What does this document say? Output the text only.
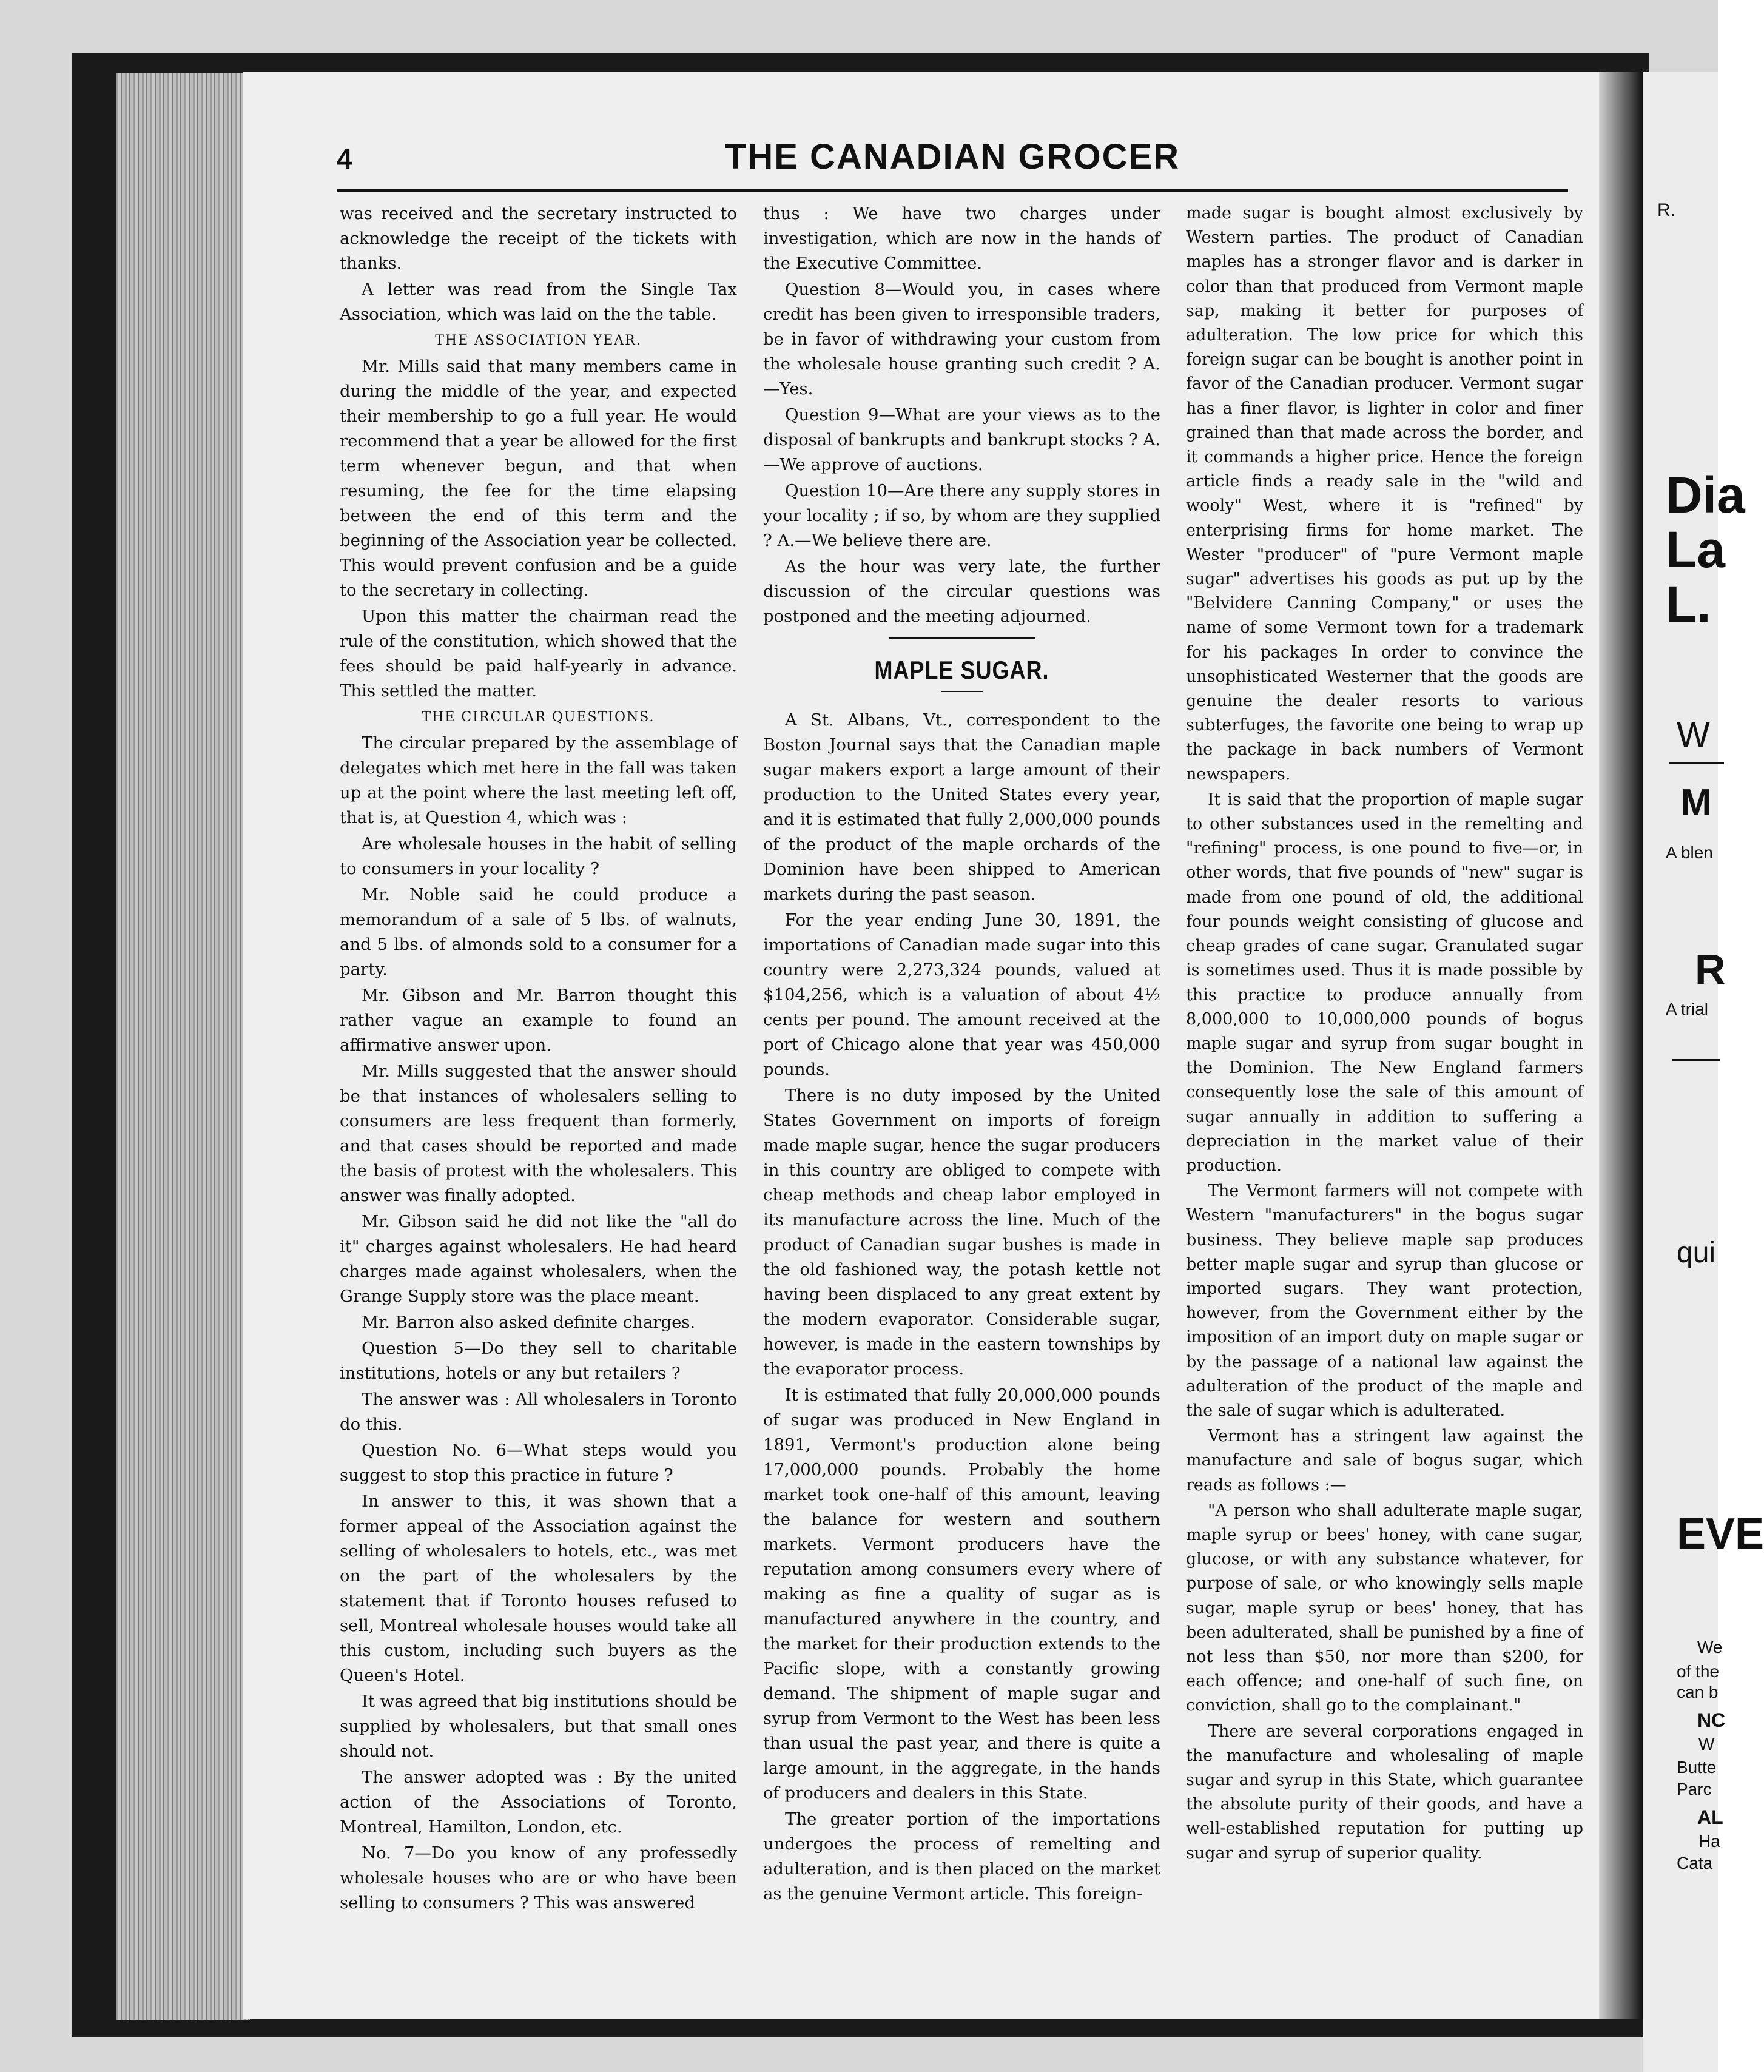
R.
Dia
La
L.
W
M
A blen
R
A trial
qui
EVE
We
of the
can b
NC
W
Butte
Parc
AL
Ha
Cata
4	THE CANADIAN GROCER

was received and the secretary instructed to acknowledge the receipt of the tickets with thanks.

A letter was read from the Single Tax Association, which was laid on the the table.

THE ASSOCIATION YEAR.

Mr. Mills said that many members came in during the middle of the year, and expected their membership to go a full year. He would recommend that a year be allowed for the first term whenever begun, and that when resuming, the fee for the time elapsing between the end of this term and the beginning of the Association year be collected. This would prevent confusion and be a guide to the secretary in collecting.

Upon this matter the chairman read the rule of the constitution, which showed that the fees should be paid half-yearly in advance. This settled the matter.

THE CIRCULAR QUESTIONS.

The circular prepared by the assemblage of delegates which met here in the fall was taken up at the point where the last meeting left off, that is, at Question 4, which was :

Are wholesale houses in the habit of selling to consumers in your locality ?

Mr. Noble said he could produce a memorandum of a sale of 5 lbs. of walnuts, and 5 lbs. of almonds sold to a consumer for a party.

Mr. Gibson and Mr. Barron thought this rather vague an example to found an affirmative answer upon.

Mr. Mills suggested that the answer should be that instances of wholesalers selling to consumers are less frequent than formerly, and that cases should be reported and made the basis of protest with the wholesalers. This answer was finally adopted.

Mr. Gibson said he did not like the "all do it" charges against wholesalers. He had heard charges made against wholesalers, when the Grange Supply store was the place meant.

Mr. Barron also asked definite charges.

Question 5—Do they sell to charitable institutions, hotels or any but retailers ?

The answer was : All wholesalers in Toronto do this.

Question No. 6—What steps would you suggest to stop this practice in future ?

In answer to this, it was shown that a former appeal of the Association against the selling of wholesalers to hotels, etc., was met on the part of the wholesalers by the statement that if Toronto houses refused to sell, Montreal wholesale houses would take all this custom, including such buyers as the Queen's Hotel.

It was agreed that big institutions should be supplied by wholesalers, but that small ones should not.

The answer adopted was : By the united action of the Associations of Toronto, Montreal, Hamilton, London, etc.

No. 7—Do you know of any professedly wholesale houses who are or who have been selling to consumers ? This was answered

thus : We have two charges under investigation, which are now in the hands of the Executive Committee.

Question 8—Would you, in cases where credit has been given to irresponsible traders, be in favor of withdrawing your custom from the wholesale house granting such credit ? A.—Yes.

Question 9—What are your views as to the disposal of bankrupts and bankrupt stocks ? A.—We approve of auctions.

Question 10—Are there any supply stores in your locality ; if so, by whom are they supplied ? A.—We believe there are.

As the hour was very late, the further discussion of the circular questions was postponed and the meeting adjourned.

MAPLE SUGAR.

A St. Albans, Vt., correspondent to the Boston Journal says that the Canadian maple sugar makers export a large amount of their production to the United States every year, and it is estimated that fully 2,000,000 pounds of the product of the maple orchards of the Dominion have been shipped to American markets during the past season.

For the year ending June 30, 1891, the importations of Canadian made sugar into this country were 2,273,324 pounds, valued at $104,256, which is a valuation of about 4½ cents per pound. The amount received at the port of Chicago alone that year was 450,000 pounds.

There is no duty imposed by the United States Government on imports of foreign made maple sugar, hence the sugar producers in this country are obliged to compete with cheap methods and cheap labor employed in its manufacture across the line. Much of the product of Canadian sugar bushes is made in the old fashioned way, the potash kettle not having been displaced to any great extent by the modern evaporator. Considerable sugar, however, is made in the eastern townships by the evaporator process.

It is estimated that fully 20,000,000 pounds of sugar was produced in New England in 1891, Vermont's production alone being 17,000,000 pounds. Probably the home market took one-half of this amount, leaving the balance for western and southern markets. Vermont producers have the reputation among consumers every where of making as fine a quality of sugar as is manufactured anywhere in the country, and the market for their production extends to the Pacific slope, with a constantly growing demand. The shipment of maple sugar and syrup from Vermont to the West has been less than usual the past year, and there is quite a large amount, in the aggregate, in the hands of producers and dealers in this State.

The greater portion of the importations undergoes the process of remelting and adulteration, and is then placed on the market as the genuine Vermont article. This foreign-

made sugar is bought almost exclusively by Western parties. The product of Canadian maples has a stronger flavor and is darker in color than that produced from Vermont maple sap, making it better for purposes of adulteration. The low price for which this foreign sugar can be bought is another point in favor of the Canadian producer. Vermont sugar has a finer flavor, is lighter in color and finer grained than that made across the border, and it commands a higher price. Hence the foreign article finds a ready sale in the "wild and wooly" West, where it is "refined" by enterprising firms for home market. The Wester "producer" of "pure Vermont maple sugar" advertises his goods as put up by the "Belvidere Canning Company," or uses the name of some Vermont town for a trademark for his packages In order to convince the unsophisticated Westerner that the goods are genuine the dealer resorts to various subterfuges, the favorite one being to wrap up the package in back numbers of Vermont newspapers.

It is said that the proportion of maple sugar to other substances used in the remelting and "refining" process, is one pound to five—or, in other words, that five pounds of "new" sugar is made from one pound of old, the additional four pounds weight consisting of glucose and cheap grades of cane sugar. Granulated sugar is sometimes used. Thus it is made possible by this practice to produce annually from 8,000,000 to 10,000,000 pounds of bogus maple sugar and syrup from sugar bought in the Dominion. The New England farmers consequently lose the sale of this amount of sugar annually in addition to suffering a depreciation in the market value of their production.

The Vermont farmers will not compete with Western "manufacturers" in the bogus sugar business. They believe maple sap produces better maple sugar and syrup than glucose or imported sugars. They want protection, however, from the Government either by the imposition of an import duty on maple sugar or by the passage of a national law against the adulteration of the product of the maple and the sale of sugar which is adulterated.

Vermont has a stringent law against the manufacture and sale of bogus sugar, which reads as follows :—

"A person who shall adulterate maple sugar, maple syrup or bees' honey, with cane sugar, glucose, or with any substance whatever, for purpose of sale, or who knowingly sells maple sugar, maple syrup or bees' honey, that has been adulterated, shall be punished by a fine of not less than $50, nor more than $200, for each offence; and one-half of such fine, on conviction, shall go to the complainant."

There are several corporations engaged in the manufacture and wholesaling of maple sugar and syrup in this State, which guarantee the absolute purity of their goods, and have a well-established reputation for putting up sugar and syrup of superior quality.
